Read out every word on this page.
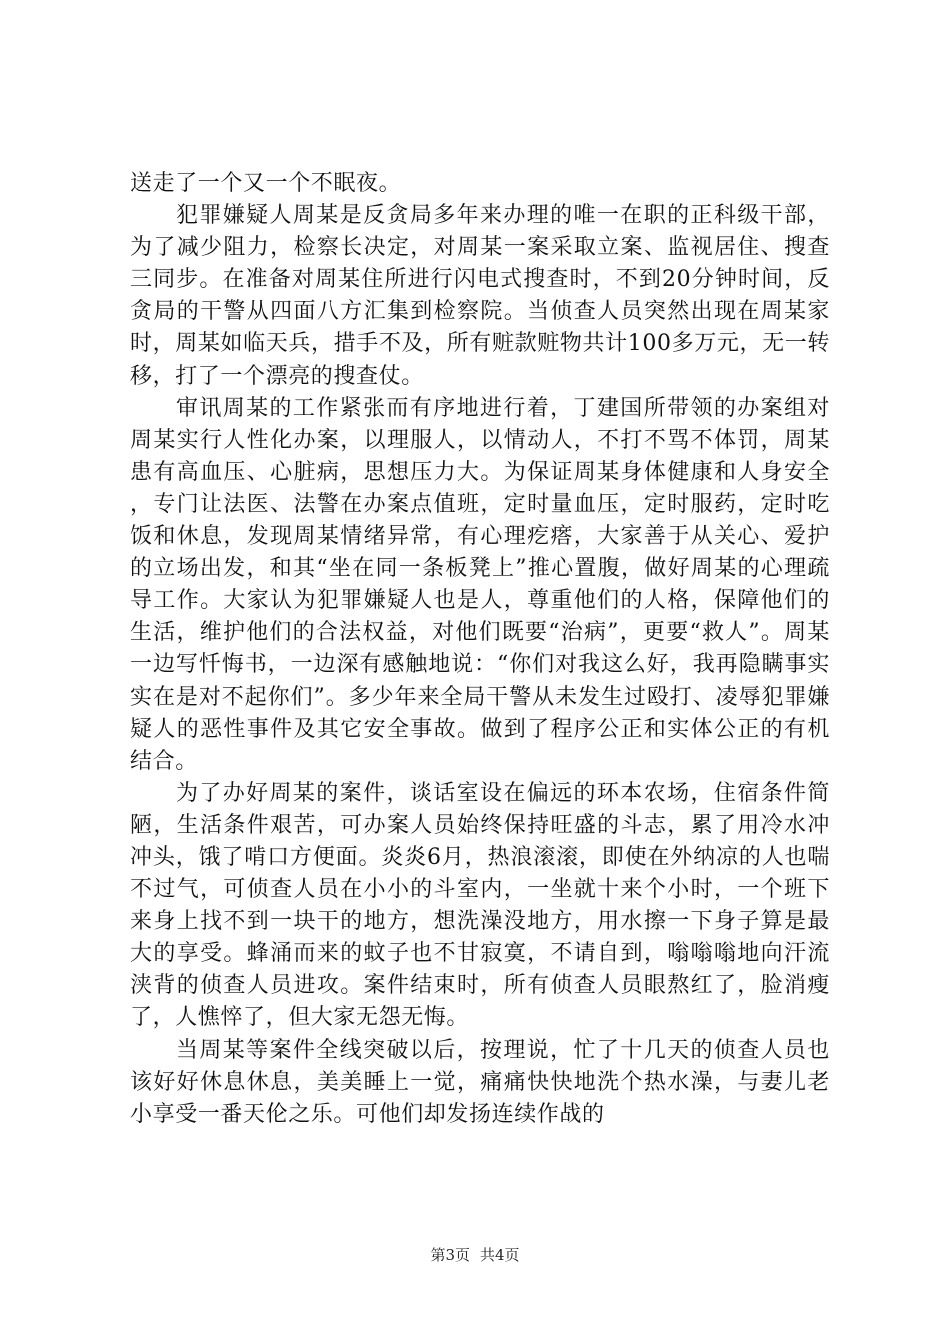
送走了一个又一个不眠夜。

犯罪嫌疑人周某是反贪局多年来办理的唯一在职的正科级干部，为了减少阻力，检察长决定，对周某一案采取立案、监视居住、搜查三同步。在准备对周某住所进行闪电式搜查时，不到20分钟时间，反贪局的干警从四面八方汇集到检察院。当侦查人员突然出现在周某家时，周某如临天兵，措手不及，所有赃款赃物共计100多万元，无一转移，打了一个漂亮的搜查仗。

审讯周某的工作紧张而有序地进行着，丁建国所带领的办案组对周某实行人性化办案，以理服人，以情动人，不打不骂不体罚，周某患有高血压、心脏病，思想压力大。为保证周某身体健康和人身安全，专门让法医、法警在办案点值班，定时量血压，定时服药，定时吃饭和休息，发现周某情绪异常，有心理疙瘩，大家善于从关心、爱护的立场出发，和其“坐在同一条板凳上”推心置腹，做好周某的心理疏导工作。大家认为犯罪嫌疑人也是人，尊重他们的人格，保障他们的生活，维护他们的合法权益，对他们既要“治病”，更要“救人”。周某一边写忏悔书，一边深有感触地说：“你们对我这么好，我再隐瞒事实实在是对不起你们”。多少年来全局干警从未发生过殴打、凌辱犯罪嫌疑人的恶性事件及其它安全事故。做到了程序公正和实体公正的有机结合。

为了办好周某的案件，谈话室设在偏远的环本农场，住宿条件简陋，生活条件艰苦，可办案人员始终保持旺盛的斗志，累了用冷水冲冲头，饿了啃口方便面。炎炎6月，热浪滚滚，即使在外纳凉的人也喘不过气，可侦查人员在小小的斗室内，一坐就十来个小时，一个班下来身上找不到一块干的地方，想洗澡没地方，用水擦一下身子算是最大的享受。蜂涌而来的蚊子也不甘寂寞，不请自到，嗡嗡嗡地向汗流浃背的侦查人员进攻。案件结束时，所有侦查人员眼熬红了，脸消瘦了，人憔悴了，但大家无怨无悔。

当周某等案件全线突破以后，按理说，忙了十几天的侦查人员也该好好休息休息，美美睡上一觉，痛痛快快地洗个热水澡，与妻儿老小享受一番天伦之乐。可他们却发扬连续作战的

第3页 共4页
